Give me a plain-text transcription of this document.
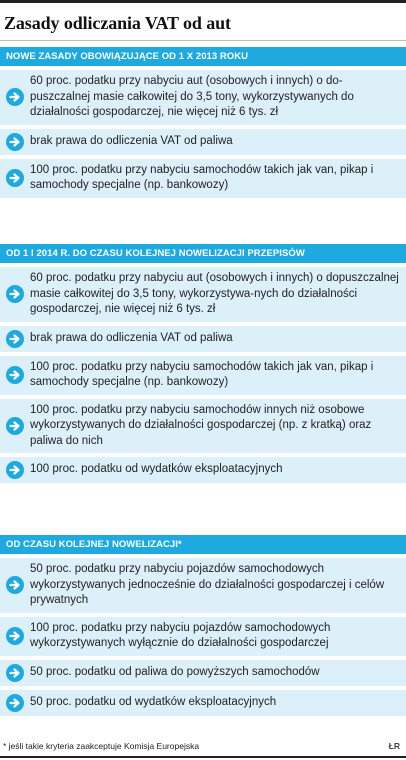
Zasady odliczania VAT od aut
NOWE ZASADY OBOWIĄZUJĄCE OD 1 X 2013 ROKU
60 proc. podatku przy nabyciu aut (osobowych i innych) o do-puszczalnej masie całkowitej do 3,5 tony, wykorzystywanych do działalności gospodarczej, nie więcej niż 6 tys. zł
brak prawa do odliczenia VAT od paliwa
100 proc. podatku przy nabyciu samochodów takich jak van, pikap i samochody specjalne (np. bankowozy)
OD 1 I 2014 R. DO CZASU KOLEJNEJ NOWELIZACJI PRZEPISÓW
60 proc. podatku przy nabyciu aut (osobowych i innych) o dopuszczalnej masie całkowitej do 3,5 tony, wykorzystywa-nych do działalności gospodarczej, nie więcej niż 6 tys. zł
brak prawa do odliczenia VAT od paliwa
100 proc. podatku przy nabyciu samochodów takich jak van, pikap i samochody specjalne (np. bankowozy)
100 proc. podatku przy nabyciu samochodów innych niż osobowe wykorzystywanych do działalności gospodarczej (np. z kratką) oraz paliwa do nich
100 proc. podatku od wydatków eksploatacyjnych
OD CZASU KOLEJNEJ NOWELIZACJI*
50 proc. podatku przy nabyciu pojazdów samochodowych wykorzystywanych jednocześnie do działalności gospodarczej i celów prywatnych
100 proc. podatku przy nabyciu pojazdów samochodowych wykorzystywanych wyłącznie do działalności gospodarczej
50 proc. podatku od paliwa do powyższych samochodów
50 proc. podatku od wydatków eksploatacyjnych
* jeśli takie kryteria zaakceptuje Komisja Europejska	ŁR
